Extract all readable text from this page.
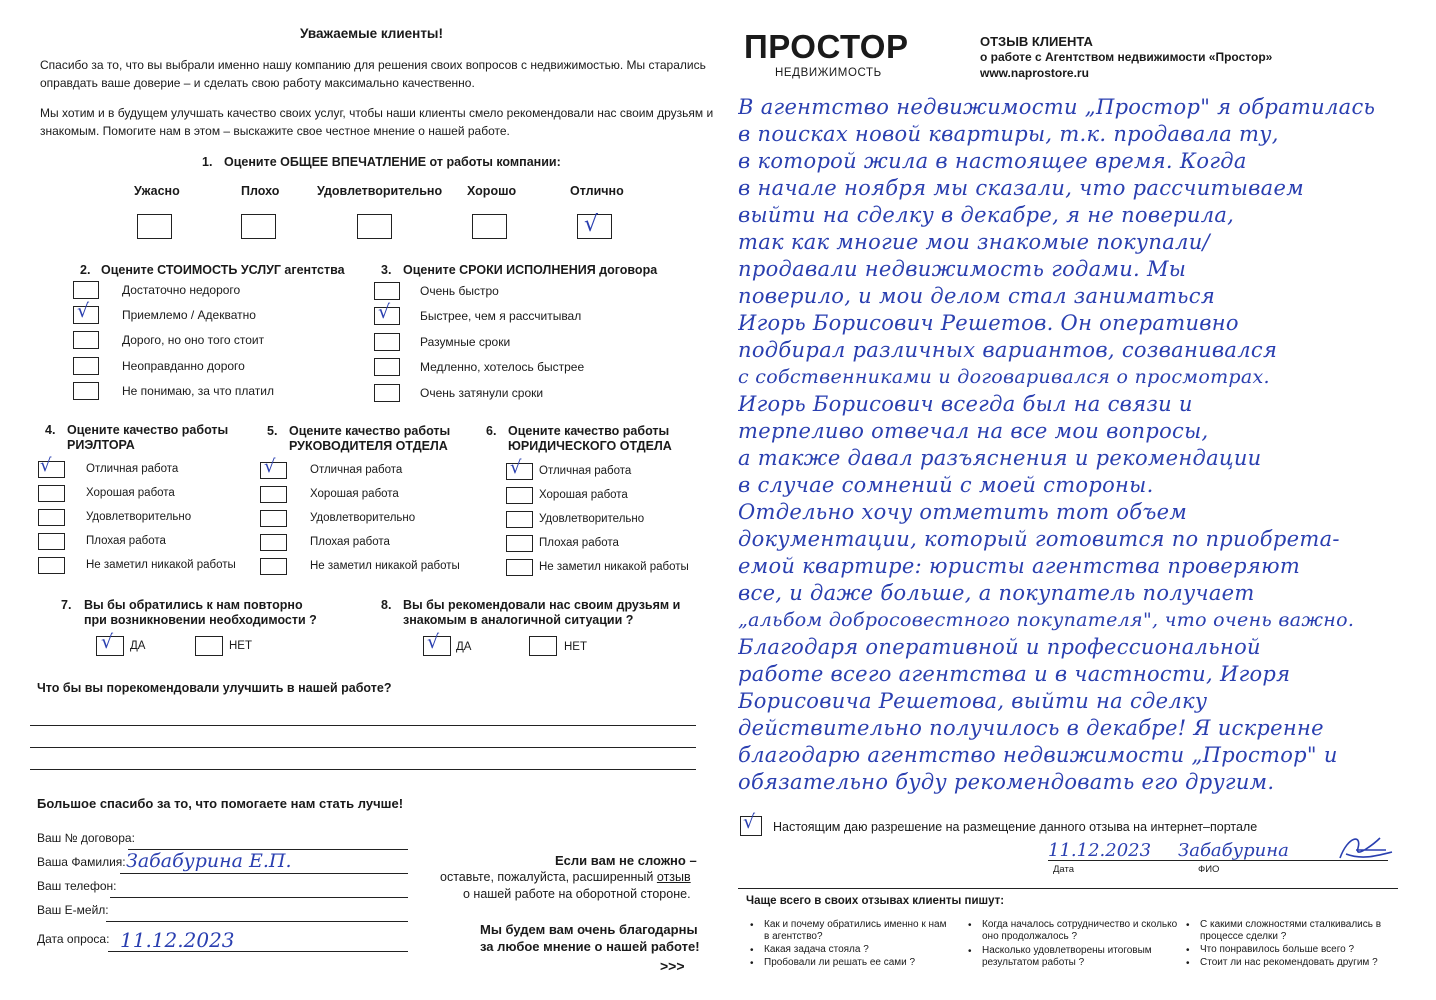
Уважаемые клиенты!
Спасибо за то, что вы выбрали именно нашу компанию для решения своих вопросов с недвижимостью. Мы старались
оправдать ваше доверие – и сделать свою работу максимально качественно.
Мы хотим и в будущем улучшать качество своих услуг, чтобы наши клиенты смело рекомендовали нас своим друзьям и
знакомым. Помогите нам в этом – выскажите свое честное мнение о нашей работе.
1. Оцените ОБЩЕЕ ВПЕЧАТЛЕНИЕ от работы компании:
Ужасно	Плохо	Удовлетворительно Хорошо	Отлично
√
2. Оцените СТОИМОСТЬ УСЛУГ агентства
Достаточно недорого
√	Приемлемо / Адекватно
Дорого, но оно того стоит
Неоправданно дорого
Не понимаю, за что платил
3. Оцените СРОКИ ИСПОЛНЕНИЯ договора
Очень быстро
√ Быстрее, чем я рассчитывал
Разумные сроки
Медленно, хотелось быстрее
Очень затянули сроки
4. Оцените качество работы
РИЭЛТОРА
5. Оцените качество работы
РУКОВОДИТЕЛЯ ОТДЕЛА
6. Оцените качество работы
ЮРИДИЧЕСКОГО ОТДЕЛА
√	Отличная работа
Хорошая работа
Удовлетворительно
Плохая работа
Не заметил никакой работы
√	Отличная работа
Хорошая работа
Удовлетворительно
Плохая работа
Не заметил никакой работы
√ Отличная работа
Хорошая работа
Удовлетворительно
Плохая работа
Не заметил никакой работы
7. Вы бы обратились к нам повторно
при возникновении необходимости ?
√ ДА	НЕТ
8. Вы бы рекомендовали нас своим друзьям и
знакомым в аналогичной ситуации ?
√ ДА	НЕТ
Что бы вы порекомендовали улучшить в нашей работе?
Большое спасибо за то, что помогаете нам стать лучше!
Ваш № договора:
Ваша Фамилия: Забабурина Е.П.
Ваш телефон:
Ваш Е-мейл:
Дата опроса: 11.12.2023
Если вам не сложно –
оставьте, пожалуйста, расширенный отзыв
о нашей работе на оборотной стороне.
Мы будем вам очень благодарны
за любое мнение о нашей работе!
>>>
ПРОСТОР
НЕДВИЖИМОСТЬ
ОТЗЫВ КЛИЕНТА
о работе с Агентством недвижимости «Простор»
www.naprostore.ru
В агентство недвижимости „Простор" я обратилась
в поисках новой квартиры, т.к. продавала ту,
в которой жила в настоящее время. Когда
в начале ноября мы сказали, что рассчитываем
выйти на сделку в декабре, я не поверила,
так как многие мои знакомые покупали/
продавали недвижимость годами. Мы
поверило, и мои делом стал заниматься
Игорь Борисович Решетов. Он оперативно
подбирал различных вариантов, созванивался
с собственниками и договаривался о просмотрах.
Игорь Борисович всегда был на связи и
терпеливо отвечал на все мои вопросы,
а также давал разъяснения и рекомендации
в случае сомнений с моей стороны.
Отдельно хочу отметить тот объем
документации, который готовится по приобрета-
емой квартире: юристы агентства проверяют
все, и даже больше, а покупатель получает
„альбом добросовестного покупателя", что очень важно.
Благодаря оперативной и профессиональной
работе всего агентства и в частности, Игоря
Борисовича Решетова, выйти на сделку
действительно получилось в декабре! Я искренне
благодарю агентство недвижимости „Простор" и
обязательно буду рекомендовать его другим.
√ Настоящим даю разрешение на размещение данного отзыва на интернет–портале
11.12.2023 Забабурина
Дата	ФИО
Чаще всего в своих отзывах клиенты пишут:
• Как и почему обратились именно к нам в агентство?
• Какая задача стояла ?
• Пробовали ли решать ее сами ?
• Когда началось сотрудничество и сколько оно продолжалось ?
• Насколько удовлетворены итоговым результатом работы ?
• С какими сложностями сталкивались в процессе сделки ?
• Что понравилось больше всего ?
• Стоит ли нас рекомендовать другим ?
